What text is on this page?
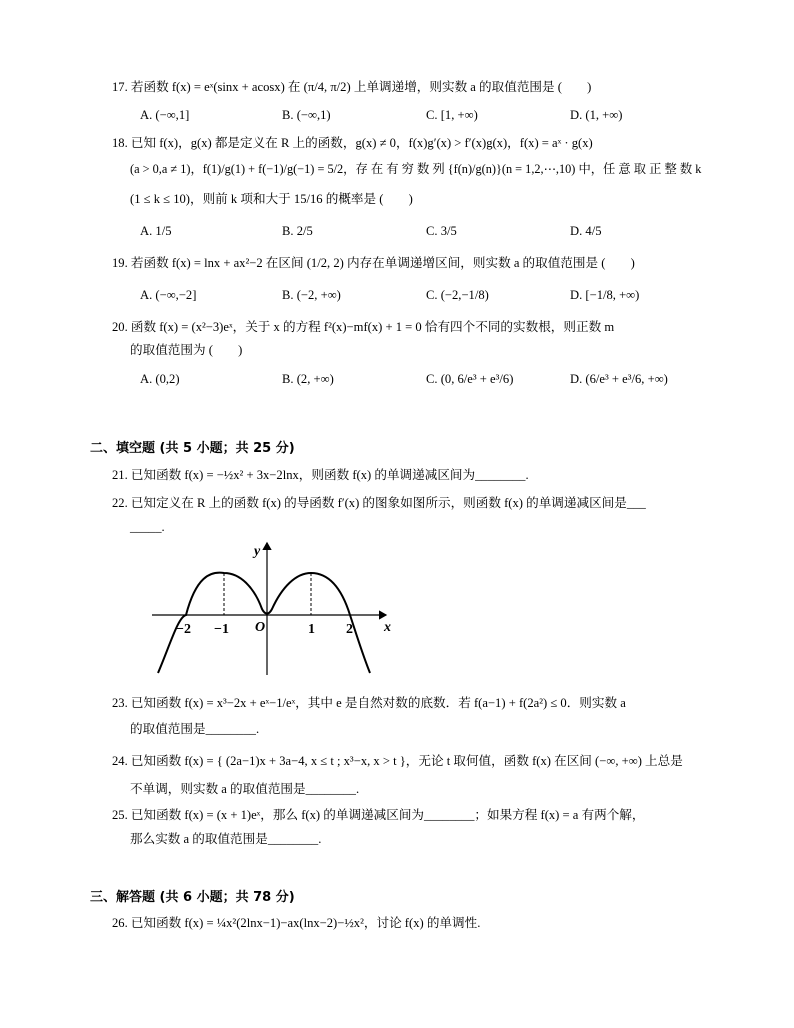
17. 若函数 f(x) = eˣ(sinx + acosx) 在 (π/4, π/2) 上单调递增，则实数 a 的取值范围是 (　　)
A. (−∞,1]	B. (−∞,1)	C. [1, +∞)	D. (1, +∞)
18. 已知 f(x)，g(x) 都是定义在 R 上的函数，g(x) ≠ 0，f(x)g′(x) > f′(x)g(x)，f(x) = aˣ · g(x)
(a > 0,a ≠ 1)，f(1)/g(1) + f(−1)/g(−1) = 5/2，存 在 有 穷 数 列 {f(n)/g(n)}(n = 1,2,⋯,10) 中，任 意 取 正 整 数 k
(1 ≤ k ≤ 10)，则前 k 项和大于 15/16 的概率是 (　　)
A. 1/5	B. 2/5	C. 3/5	D. 4/5
19. 若函数 f(x) = lnx + ax²−2 在区间 (1/2, 2) 内存在单调递增区间，则实数 a 的取值范围是 (　　)
A. (−∞,−2]	B. (−2, +∞)	C. (−2,−1/8)	D. [−1/8, +∞)
20. 函数 f(x) = (x²−3)eˣ，关于 x 的方程 f²(x)−mf(x) + 1 = 0 恰有四个不同的实数根，则正数 m
的取值范围为 (　　)
A. (0,2)	B. (2, +∞)	C. (0, 6/e³ + e³/6)	D. (6/e³ + e³/6, +∞)
二、填空题 (共 5 小题；共 25 分)
21. 已知函数 f(x) = −½x² + 3x−2lnx，则函数 f(x) 的单调递减区间为________.
22. 已知定义在 R 上的函数 f(x) 的导函数 f′(x) 的图象如图所示，则函数 f(x) 的单调递减区间是___
_____.
y
x
O
−2 −1	1 2
23. 已知函数 f(x) = x³−2x + eˣ−1/eˣ，其中 e 是自然对数的底数．若 f(a−1) + f(2a²) ≤ 0．则实数 a
的取值范围是________.
24. 已知函数 f(x) = { (2a−1)x + 3a−4, x ≤ t ; x³−x, x > t }，无论 t 取何值，函数 f(x) 在区间 (−∞, +∞) 上总是
不单调，则实数 a 的取值范围是________.
25. 已知函数 f(x) = (x + 1)eˣ，那么 f(x) 的单调递减区间为________；如果方程 f(x) = a 有两个解，
那么实数 a 的取值范围是________.
三、解答题 (共 6 小题；共 78 分)
26. 已知函数 f(x) = ¼x²(2lnx−1)−ax(lnx−2)−½x²，讨论 f(x) 的单调性.
